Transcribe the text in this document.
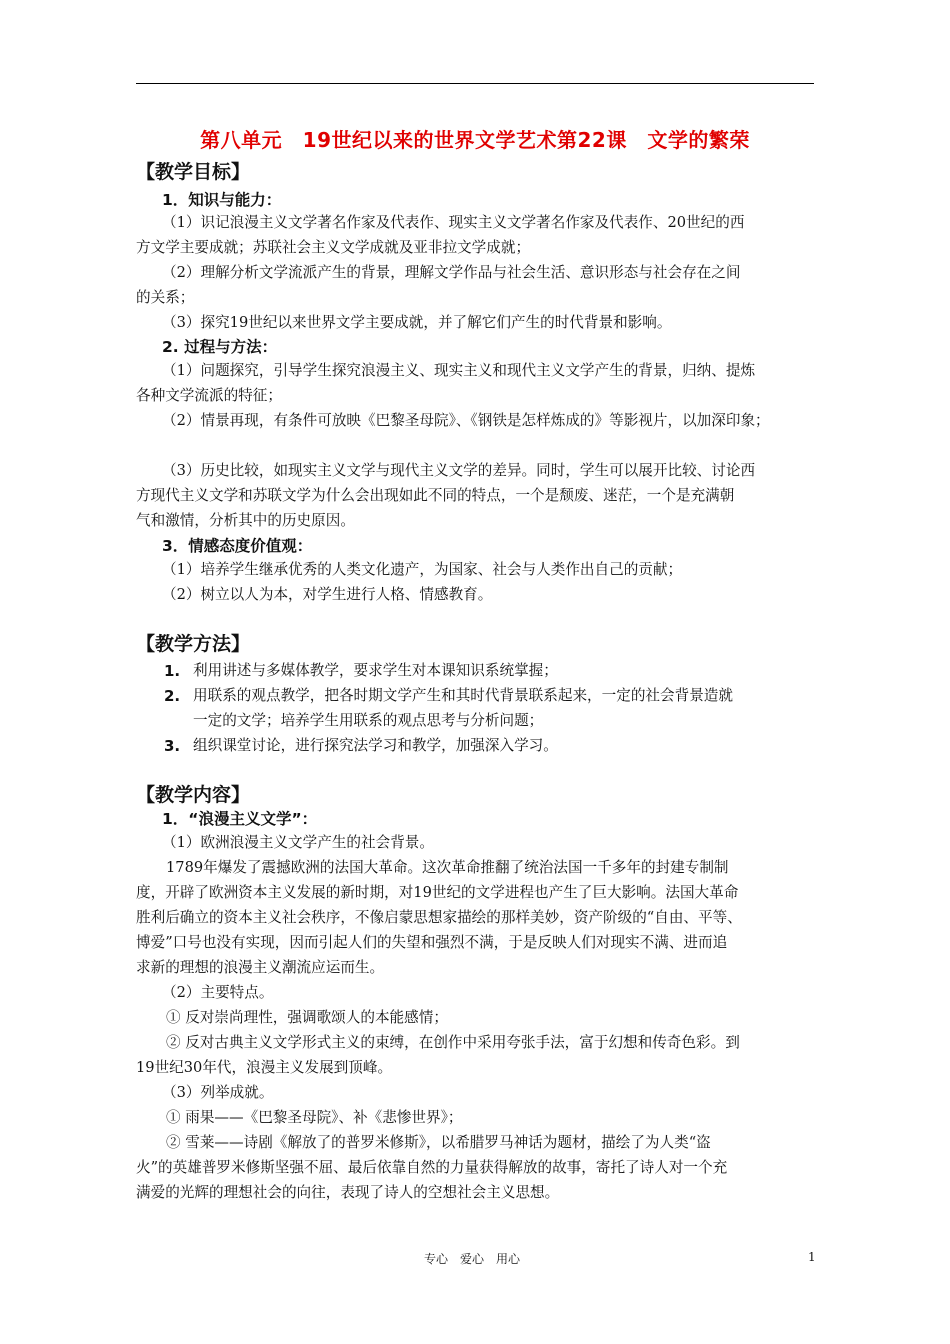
第八单元　19世纪以来的世界文学艺术第22课　文学的繁荣
【教学目标】
1．知识与能力：
（1）识记浪漫主义文学著名作家及代表作、现实主义文学著名作家及代表作、20世纪的西
方文学主要成就；苏联社会主义文学成就及亚非拉文学成就；
（2）理解分析文学流派产生的背景，理解文学作品与社会生活、意识形态与社会存在之间
的关系；
（3）探究19世纪以来世界文学主要成就，并了解它们产生的时代背景和影响。
2. 过程与方法：
（1）问题探究，引导学生探究浪漫主义、现实主义和现代主义文学产生的背景，归纳、提炼
各种文学流派的特征；
（2）情景再现，有条件可放映《巴黎圣母院》、《钢铁是怎样炼成的》等影视片，以加深印象；
（3）历史比较，如现实主义文学与现代主义文学的差异。同时，学生可以展开比较、讨论西
方现代主义文学和苏联文学为什么会出现如此不同的特点，一个是颓废、迷茫，一个是充满朝
气和激情，分析其中的历史原因。
3．情感态度价值观：
（1）培养学生继承优秀的人类文化遗产，为国家、社会与人类作出自己的贡献；
（2）树立以人为本，对学生进行人格、情感教育。
【教学方法】
1. 利用讲述与多媒体教学，要求学生对本课知识系统掌握；
2. 用联系的观点教学，把各时期文学产生和其时代背景联系起来，一定的社会背景造就
一定的文学；培养学生用联系的观点思考与分析问题；
3. 组织课堂讨论，进行探究法学习和教学，加强深入学习。
【教学内容】
1．“浪漫主义文学”：
（1）欧洲浪漫主义文学产生的社会背景。
1789年爆发了震撼欧洲的法国大革命。这次革命推翻了统治法国一千多年的封建专制制
度，开辟了欧洲资本主义发展的新时期，对19世纪的文学进程也产生了巨大影响。法国大革命
胜利后确立的资本主义社会秩序，不像启蒙思想家描绘的那样美妙，资产阶级的“自由、平等、
博爱”口号也没有实现，因而引起人们的失望和强烈不满，于是反映人们对现实不满、进而追
求新的理想的浪漫主义潮流应运而生。
（2）主要特点。
① 反对崇尚理性，强调歌颂人的本能感情；
② 反对古典主义文学形式主义的束缚，在创作中采用夸张手法，富于幻想和传奇色彩。到
19世纪30年代，浪漫主义发展到顶峰。
（3）列举成就。
① 雨果——《巴黎圣母院》、补《悲惨世界》；
② 雪莱——诗剧《解放了的普罗米修斯》，以希腊罗马神话为题材，描绘了为人类“盗
火”的英雄普罗米修斯坚强不屈、最后依靠自然的力量获得解放的故事，寄托了诗人对一个充
满爱的光辉的理想社会的向往，表现了诗人的空想社会主义思想。
专心　爱心　用心	1
